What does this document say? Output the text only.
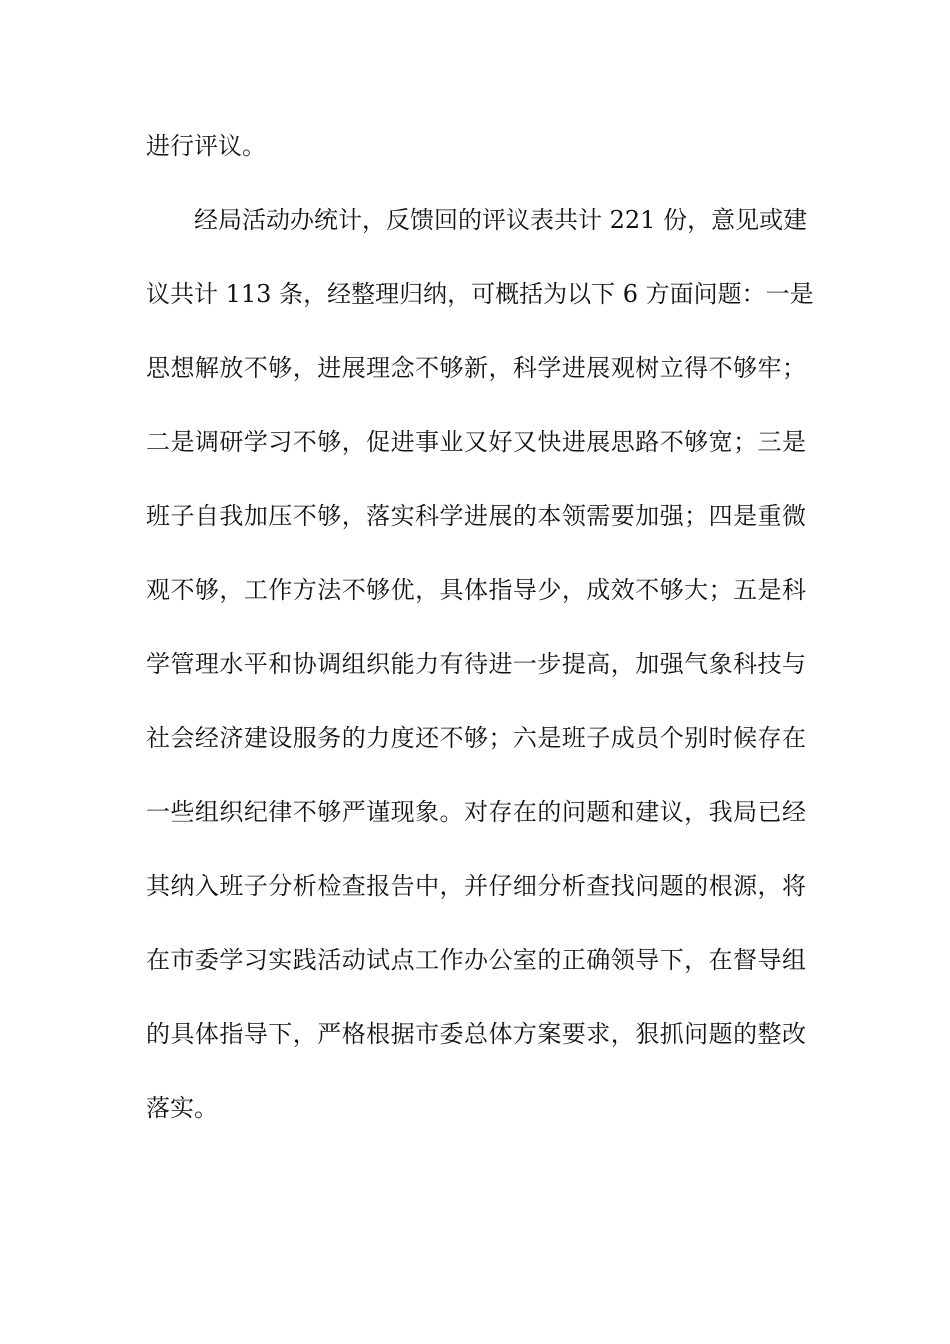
进行评议。
经局活动办统计，反馈回的评议表共计 221 份，意见或建
议共计 113 条，经整理归纳，可概括为以下 6 方面问题：一是
思想解放不够，进展理念不够新，科学进展观树立得不够牢；
二是调研学习不够，促进事业又好又快进展思路不够宽；三是
班子自我加压不够，落实科学进展的本领需要加强；四是重微
观不够，工作方法不够优，具体指导少，成效不够大；五是科
学管理水平和协调组织能力有待进一步提高，加强气象科技与
社会经济建设服务的力度还不够；六是班子成员个别时候存在
一些组织纪律不够严谨现象。对存在的问题和建议，我局已经
其纳入班子分析检查报告中，并仔细分析查找问题的根源，将
在市委学习实践活动试点工作办公室的正确领导下，在督导组
的具体指导下，严格根据市委总体方案要求，狠抓问题的整改
落实。
